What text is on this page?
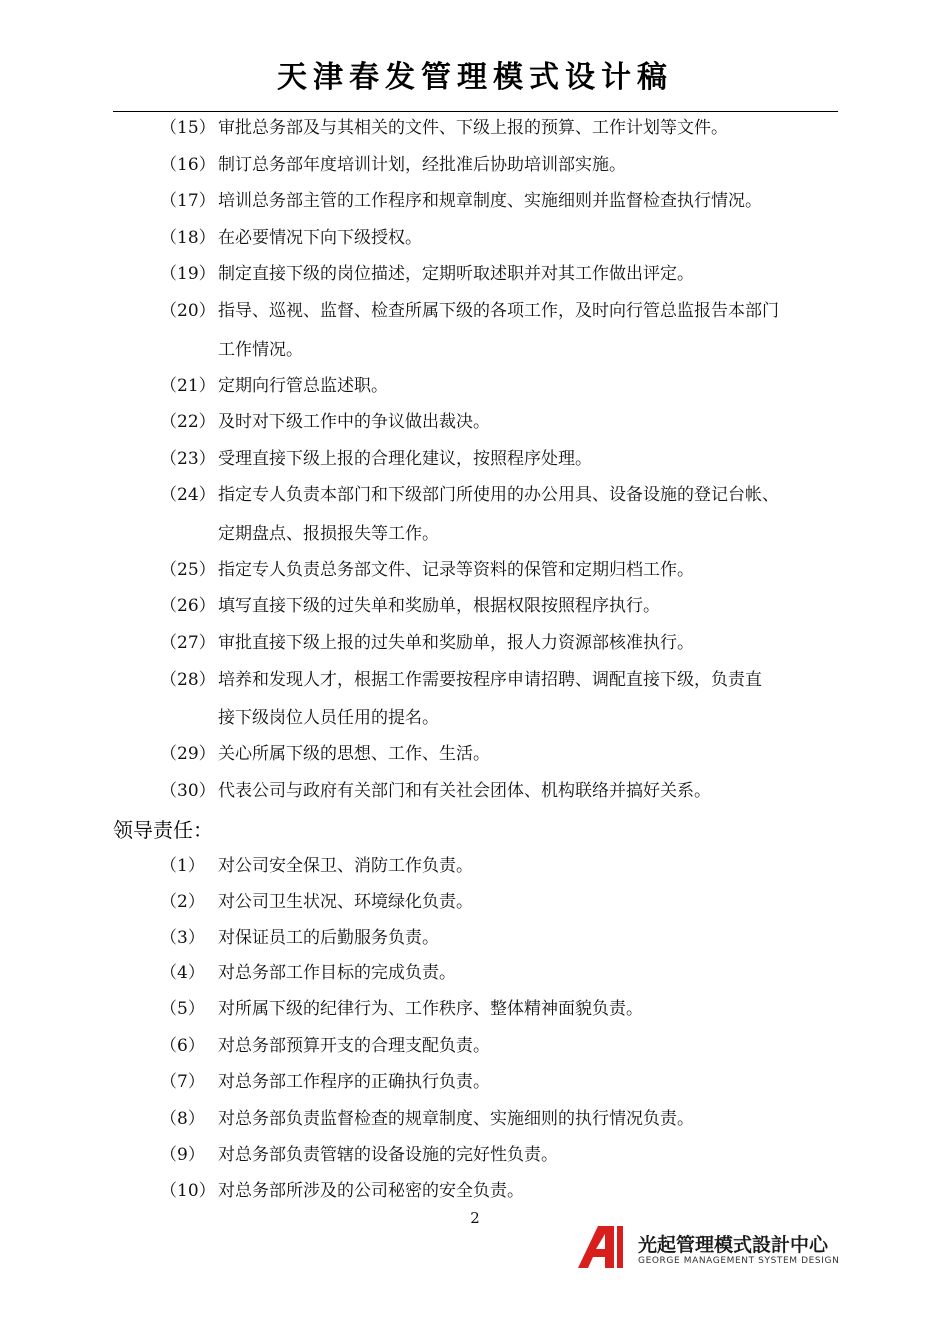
天津春发管理模式设计稿
（15） 审批总务部及与其相关的文件、下级上报的预算、工作计划等文件。
（16） 制订总务部年度培训计划，经批准后协助培训部实施。
（17） 培训总务部主管的工作程序和规章制度、实施细则并监督检查执行情况。
（18） 在必要情况下向下级授权。
（19） 制定直接下级的岗位描述，定期听取述职并对其工作做出评定。
（20） 指导、巡视、监督、检查所属下级的各项工作，及时向行管总监报告本部门
工作情况。
（21） 定期向行管总监述职。
（22） 及时对下级工作中的争议做出裁决。
（23） 受理直接下级上报的合理化建议，按照程序处理。
（24） 指定专人负责本部门和下级部门所使用的办公用具、设备设施的登记台帐、
定期盘点、报损报失等工作。
（25） 指定专人负责总务部文件、记录等资料的保管和定期归档工作。
（26） 填写直接下级的过失单和奖励单，根据权限按照程序执行。
（27） 审批直接下级上报的过失单和奖励单，报人力资源部核准执行。
（28） 培养和发现人才，根据工作需要按程序申请招聘、调配直接下级，负责直
接下级岗位人员任用的提名。
（29） 关心所属下级的思想、工作、生活。
（30） 代表公司与政府有关部门和有关社会团体、机构联络并搞好关系。
领导责任：
（1） 对公司安全保卫、消防工作负责。
（2） 对公司卫生状况、环境绿化负责。
（3） 对保证员工的后勤服务负责。
（4） 对总务部工作目标的完成负责。
（5） 对所属下级的纪律行为、工作秩序、整体精神面貌负责。
（6） 对总务部预算开支的合理支配负责。
（7） 对总务部工作程序的正确执行负责。
（8） 对总务部负责监督检查的规章制度、实施细则的执行情况负责。
（9） 对总务部负责管辖的设备设施的完好性负责。
（10） 对总务部所涉及的公司秘密的安全负责。
2
光起管理模式設計中心
GEORGE MANAGEMENT SYSTEM DESIGN
